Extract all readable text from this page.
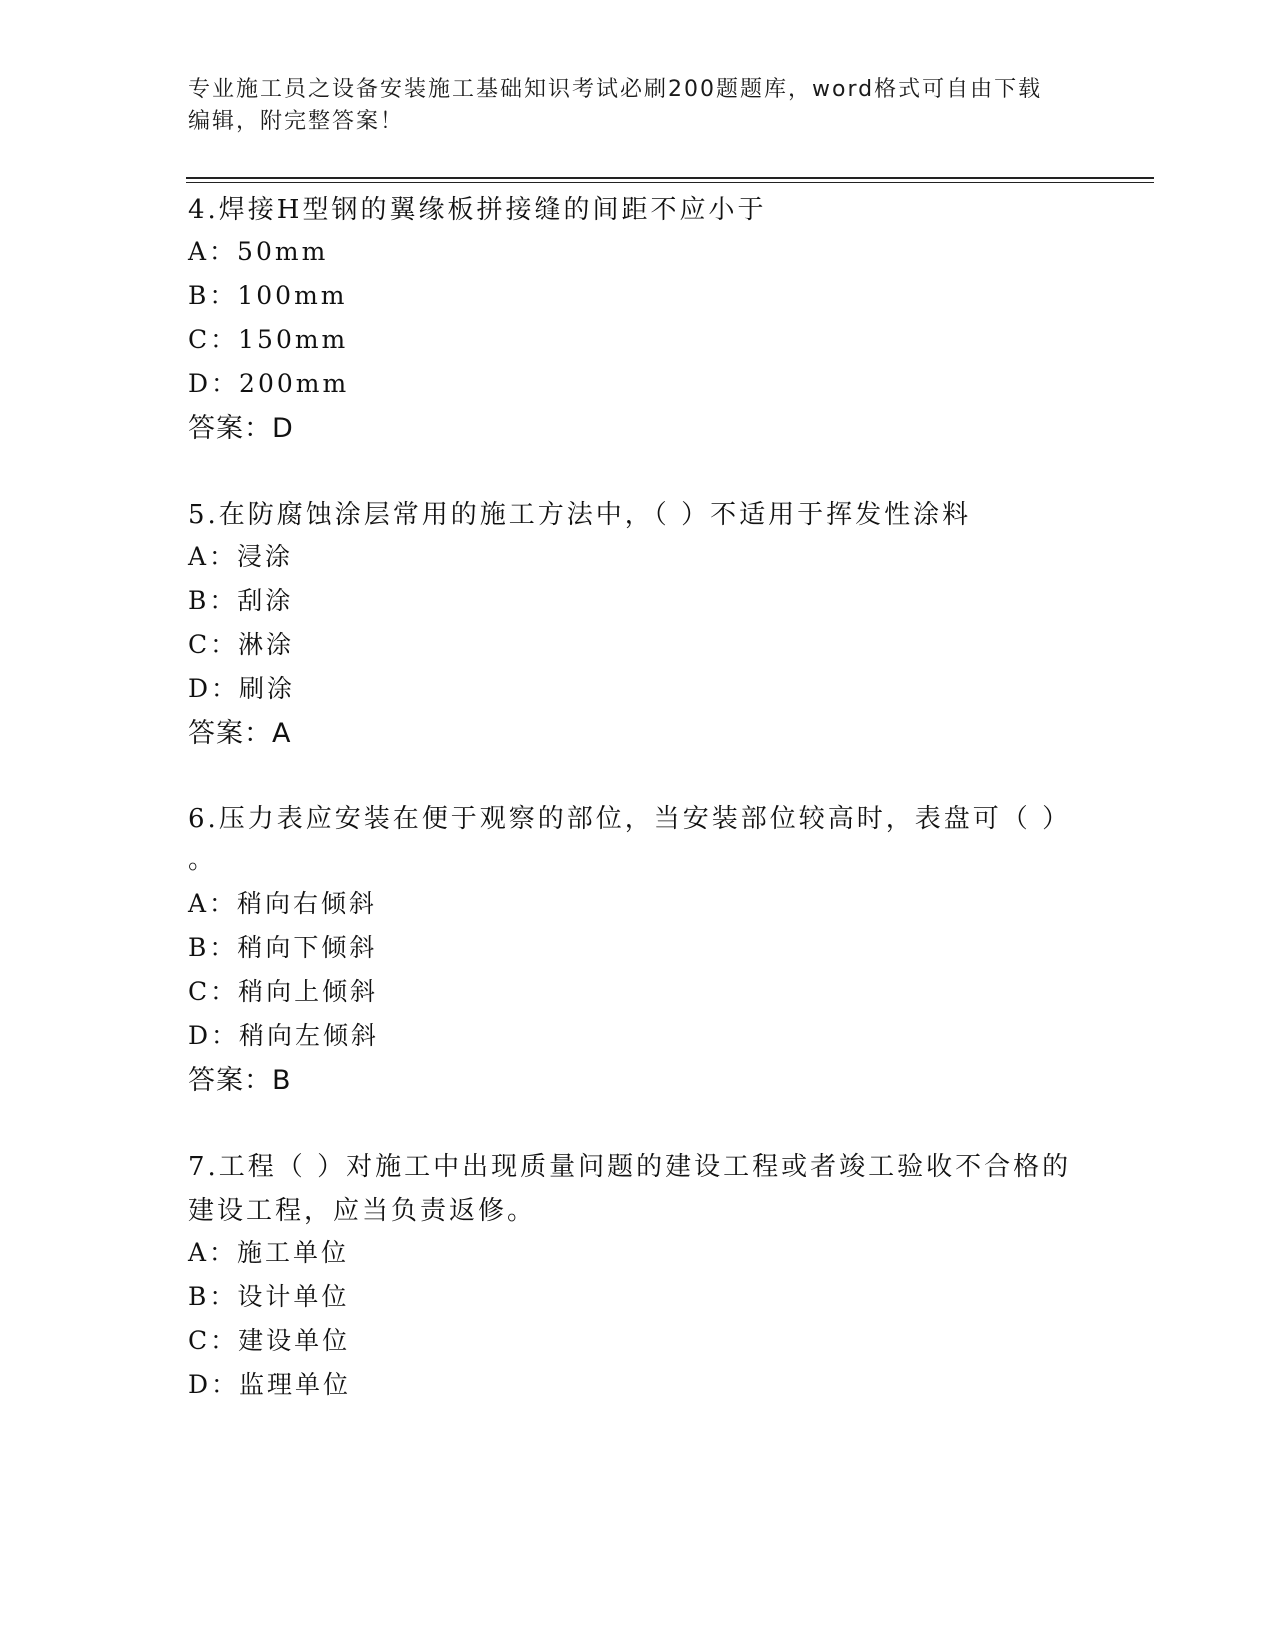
专业施工员之设备安装施工基础知识考试必刷200题题库，word格式可自由下载
编辑，附完整答案！
4.焊接H型钢的翼缘板拼接缝的间距不应小于
A：50mm
B：100mm
C：150mm
D：200mm
答案：D
5.在防腐蚀涂层常用的施工方法中，（ ）不适用于挥发性涂料
A：浸涂
B：刮涂
C：淋涂
D：刷涂
答案：A
6.压力表应安装在便于观察的部位，当安装部位较高时，表盘可（ ）
。
A：稍向右倾斜
B：稍向下倾斜
C：稍向上倾斜
D：稍向左倾斜
答案：B
7.工程（ ）对施工中出现质量问题的建设工程或者竣工验收不合格的
建设工程，应当负责返修。
A：施工单位
B：设计单位
C：建设单位
D：监理单位
